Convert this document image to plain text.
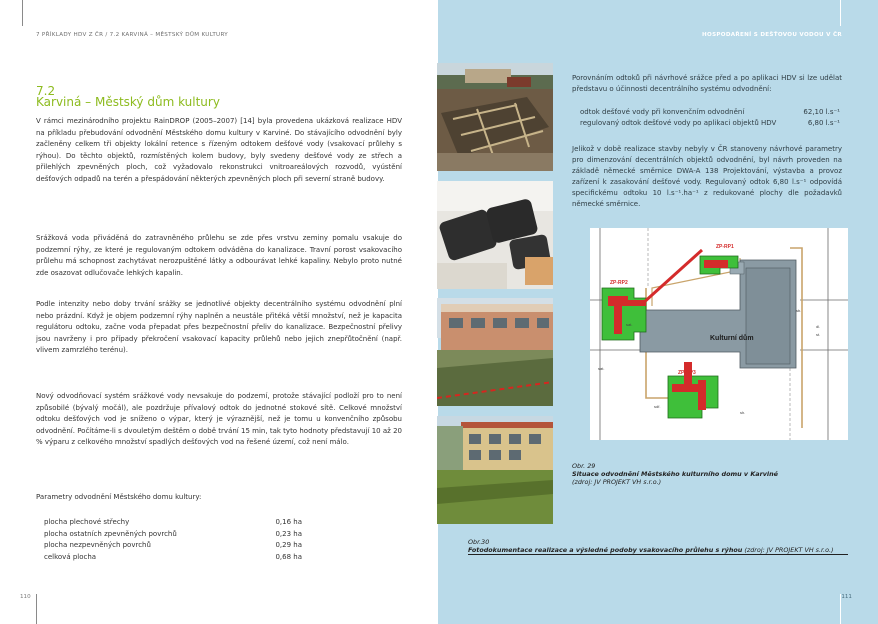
7 PŘÍKLADY HDV Z ČR / 7.2 KARVINÁ – MĚSTSKÝ DŮM KULTURY
7.2
Karviná – Městský dům kultury

V rámci mezinárodního projektu RainDROP (2005–2007) [14] byla provedena ukázková realizace HDV na příkladu přebudování odvodnění Městského domu kultury v Karviné. Do stávajícího odvodnění byly začleněny celkem tři objekty lokální retence s řízeným odtokem dešťové vody (vsakovací průlehy s rýhou). Do těchto objektů, rozmístěných kolem budovy, byly svedeny dešťové vody ze střech a přilehlých zpevněných ploch, což vyžadovalo rekonstrukci vnitroareálových rozvodů, vyústění dešťových odpadů na terén a přespádování některých zpevněných ploch při severní straně budovy.

Srážková voda přiváděná do zatravněného průlehu se zde přes vrstvu zeminy pomalu vsakuje do podzemní rýhy, ze které je regulovaným odtokem odváděna do kanalizace. Travní porost vsakovacího průlehu má schopnost zachytávat nerozpuštěné látky a odbourávat lehké kapaliny. Nebylo proto nutné zde osazovat odlučovače lehkých kapalin.

Podle intenzity nebo doby trvání srážky se jednotlivé objekty decentrálního systému odvodnění plní nebo prázdní. Když je objem podzemní rýhy naplněn a neustále přitéká větší množství, než je kapacita regulátoru odtoku, začne voda přepadat přes bezpečnostní přeliv do kanalizace. Bezpečnostní přelivy jsou navrženy i pro případy překročení vsakovací kapacity průlehů nebo jejich znepřůtočnění (např. vlivem zamrzlého terénu).

Nový odvodňovací systém srážkové vody nevsakuje do podzemí, protože stávající podloží pro to není způsobilé (bývalý močál), ale pozdržuje přívalový odtok do jednotné stokové sítě. Celkové množství odtoku dešťových vod je sníženo o výpar, který je výraznější, než je tomu u konvenčního způsobu odvodnění. Počítáme-li s dvouletým deštěm o době trvání 15 min, tak tyto hodnoty představují 10 až 20 % výparu z celkového množství spadlých dešťových vod na řešené území, což není málo.

Parametry odvodnění Městského domu kultury:

plocha plechové střechy	0,16 ha
plocha ostatních zpevněných povrchů	0,23 ha
plocha nezpevněných povrchů	0,29 ha
celková plocha	0,68 ha
110
HOSPODAŘENÍ S DEŠŤOVOU VODOU V ČR
111

Porovnáním odtoků při návrhové srážce před a po aplikaci HDV si lze udělat představu o účinnosti decentrálního systému odvodnění:

odtok dešťové vody při konvenčním odvodnění	62,10 l.s⁻¹
regulovaný odtok dešťové vody po aplikaci objektů HDV	6,80 l.s⁻¹

Jelikož v době realizace stavby nebyly v ČR stanoveny návrhové parametry pro dimenzování decentrálních objektů odvodnění, byl návrh proveden na základě německé směrnice DWA-A 138 Projektování, výstavba a provoz zařízení k zasakování dešťové vody. Regulovaný odtok 6,80 l.s⁻¹ odpovídá specifickému odtoku 10 l.s⁻¹.ha⁻¹ z redukované plochy dle požadavků německé směrnice.

Kulturní dům
ZP-RP1
ZP-RP2
ZP-RP3
sat.
sat.
dl.
st.
sb.
sdf.
sh.
Obr. 29
Situace odvodnění Městského kulturního domu v Karviné
(zdroj: JV PROJEKT VH s.r.o.)
Obr.30
Fotodokumentace realizace a výsledné podoby vsakovacího průlehu s rýhou (zdroj: JV PROJEKT VH s.r.o.)
